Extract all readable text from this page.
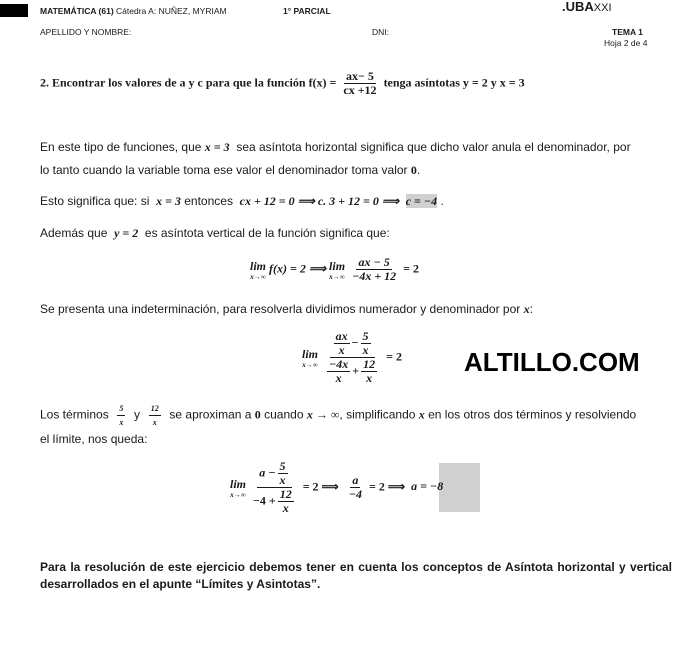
MATEMÁTICA (61) Cátedra A: NUÑEZ, MYRIAM	1° PARCIAL	.UBAXXI
APELLIDO Y NOMBRE:	DNI:	TEMA 1
Hoja 2 de 4
2. Encontrar los valores de a y c para que la función $f(x) = \frac{ax- 5}{cx +12}$ tenga asíntotas y = 2 y x = 3
En este tipo de funciones, que x = 3 sea asíntota horizontal significa que dicho valor anula el denominador, por
lo tanto cuando la variable toma ese valor el denominador toma valor 0.
Esto significa que: si x = 3 entonces cx + 12 = 0 ⟹ c. 3 + 12 = 0 ⟹ c = −4 .
Además que y = 2 es asíntota vertical de la función significa que:
lim
x→∞
f(x) = 2 ⟹ lim
x→∞
$\frac{ax - 5}{-4x + 12} = 2$
Se presenta una indeterminación, para resolverla dividimos numerador y denominador por x:
lim
x→∞
$\frac{\frac{ax}{x} - \frac{5}{x}}{\frac{-4x}{x} + \frac{12}{x}} = 2$ ALTILLO.COM
Los términos $\frac{5}{x}$ y $\frac{12}{x}$ se aproximan a 0 cuando x → ∞, simplificando x en los otros dos términos y resolviendo
el límite, nos queda:
lim
x→∞
$\frac{a - \frac{5}{x}}{-4 + \frac{12}{x}} = 2$ ⟹ $\frac{a}{-4} = 2$ ⟹ a = −8
Para la resolución de este ejercicio debemos tener en cuenta los conceptos de Asíntota horizontal y vertical desarrollados en el apunte “Límites y Asintotas”.
